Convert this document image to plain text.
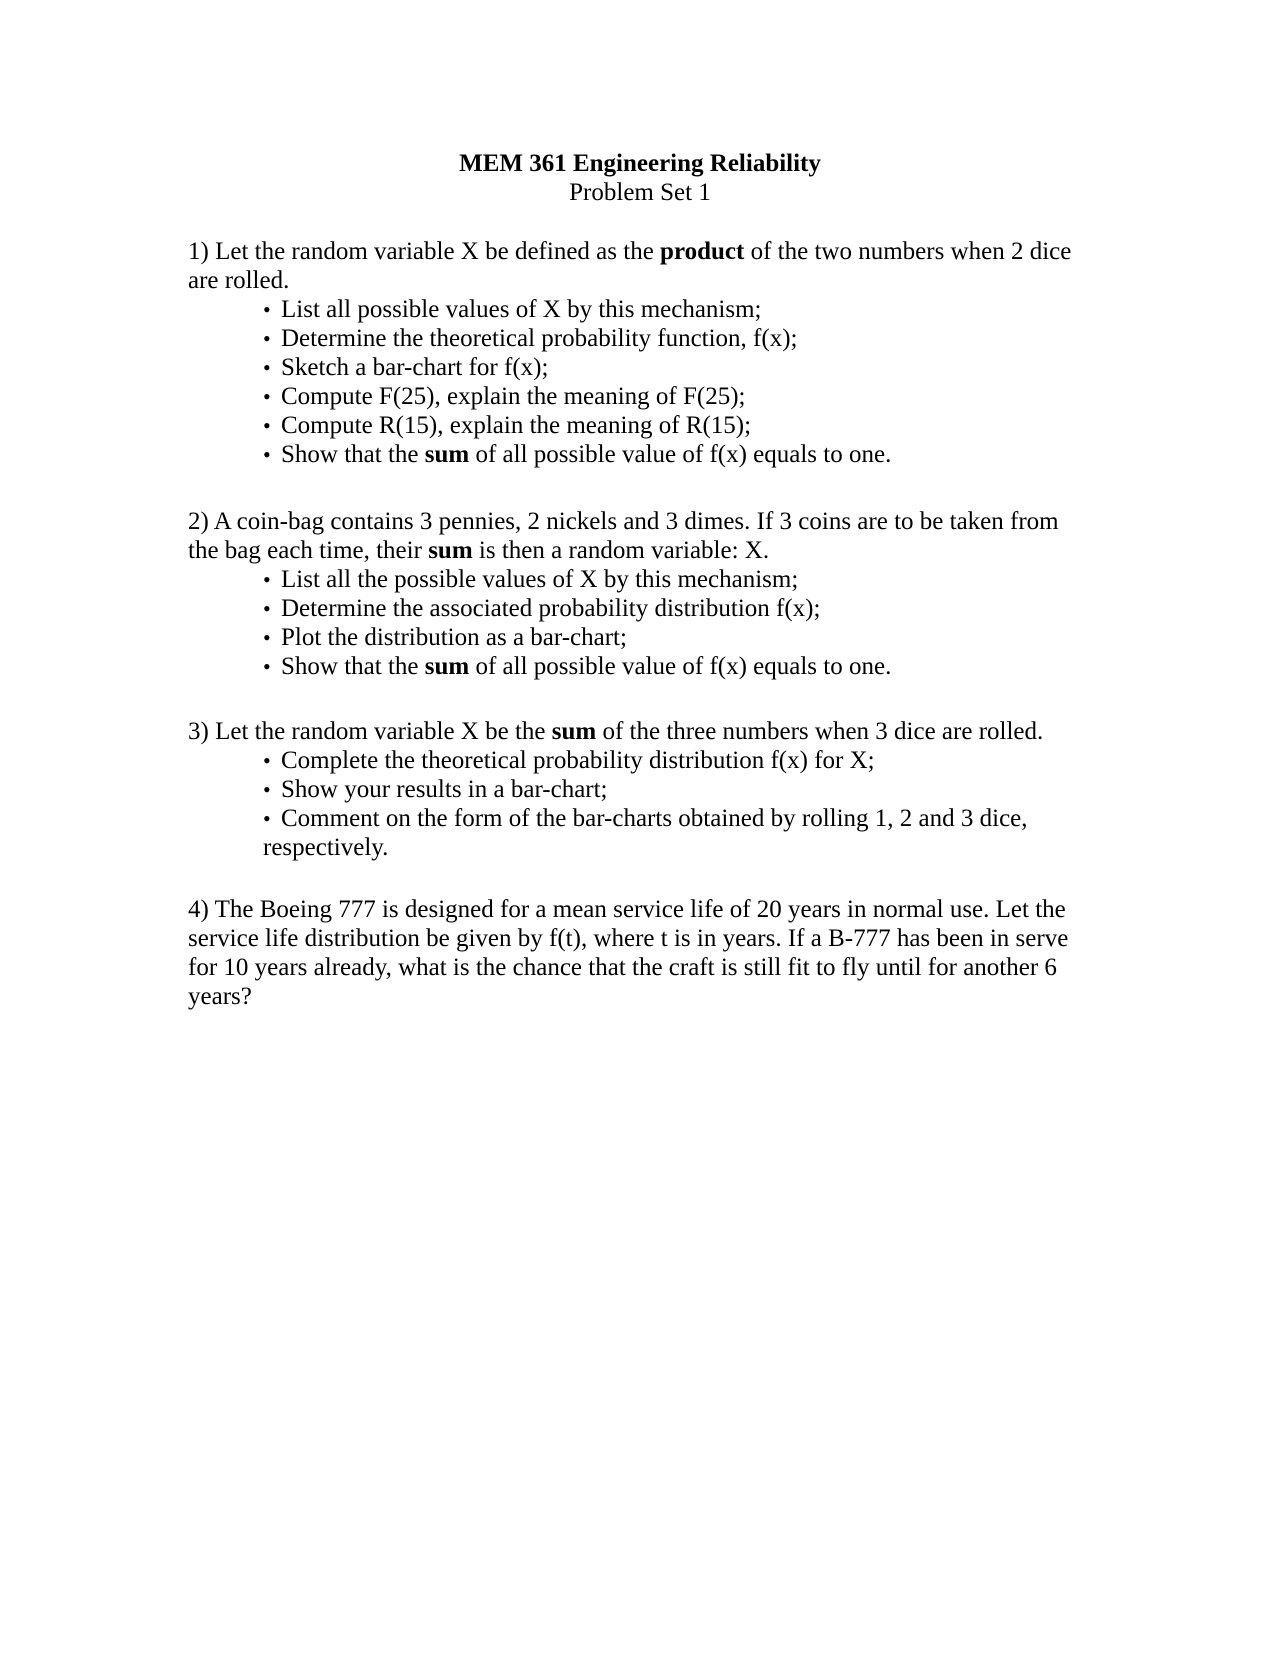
MEM 361 Engineering Reliability
Problem Set 1

1) Let the random variable X be defined as the product of the two numbers when 2 dice are rolled.

• List all possible values of X by this mechanism;
• Determine the theoretical probability function, f(x);
• Sketch a bar-chart for f(x);
• Compute F(25), explain the meaning of F(25);
• Compute R(15), explain the meaning of R(15);
• Show that the sum of all possible value of f(x) equals to one.

2) A coin-bag contains 3 pennies, 2 nickels and 3 dimes. If 3 coins are to be taken from the bag each time, their sum is then a random variable: X.

• List all the possible values of X by this mechanism;
• Determine the associated probability distribution f(x);
• Plot the distribution as a bar-chart;
• Show that the sum of all possible value of f(x) equals to one.

3) Let the random variable X be the sum of the three numbers when 3 dice are rolled.

• Complete the theoretical probability distribution f(x) for X;
• Show your results in a bar-chart;
• Comment on the form of the bar-charts obtained by rolling 1, 2 and 3 dice, respectively.

4) The Boeing 777 is designed for a mean service life of 20 years in normal use. Let the service life distribution be given by f(t), where t is in years. If a B-777 has been in serve for 10 years already, what is the chance that the craft is still fit to fly until for another 6 years?
